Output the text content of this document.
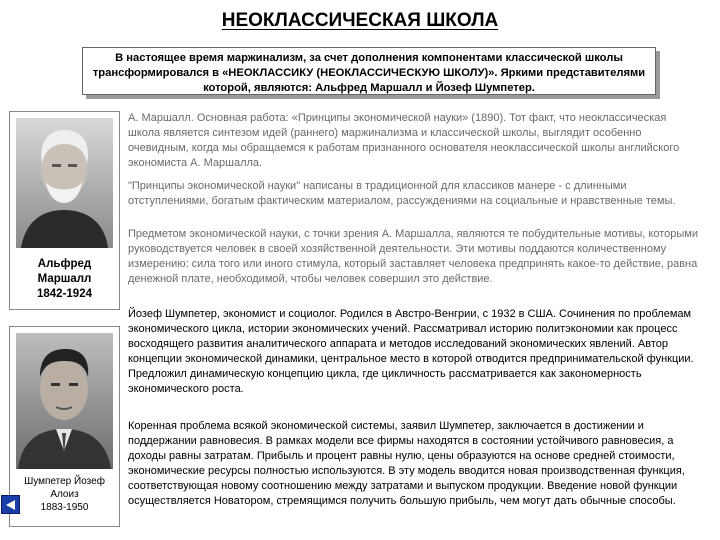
НЕОКЛАССИЧЕСКАЯ ШКОЛА
В настоящее время маржинализм, за счет дополнения компонентами классической школы трансформировался в «НЕОКЛАССИКУ (НЕОКЛАССИЧЕСКУЮ ШКОЛУ)». Яркими представителями которой, являются: Альфред Маршалл и Йозеф Шумпетер.
Альфред
Маршалл
1842-1924
А. Маршалл. Основная работа: «Принципы экономической науки» (1890). Тот факт, что неоклассическая школа является синтезом идей (раннего) маржинализма и классической школы, выглядит особенно очевидным, когда мы обращаемся к работам признанного основателя неоклассической школы английского экономиста А. Маршалла.
"Принципы экономической науки" написаны в традиционной для классиков манере - с длинными отступлениями, богатым фактическим материалом, рассуждениями на социальные и нравственные темы.
Предметом экономической науки, с точки зрения А. Маршалла, являются те побудительные мотивы, которыми руководствуется человек в своей хозяйственной деятельности. Эти мотивы поддаются количественному измерению: сила того или иного стимула, который заставляет человека предпринять какое-то действие, равна денежной плате, необходимой, чтобы человек совершил это действие.
Шумпетер Йозеф
Алоиз
1883-1950
Йозеф Шумпетер, экономист и социолог. Родился в Австро-Венгрии, с 1932 в США. Сочинения по проблемам экономического цикла, истории экономических учений. Рассматривал историю политэкономии как процесс восходящего развития аналитического аппарата и методов исследований экономических явлений. Автор концепции экономической динамики, центральное место в которой отводится предпринимательской функции. Предложил динамическую концепцию цикла, где цикличность рассматривается как закономерность экономического роста.
Коренная проблема всякой экономической системы, заявил Шумпетер, заключается в достижении и поддержании равновесия. В рамках модели все фирмы находятся в состоянии устойчивого равновесия, а доходы равны затратам. Прибыль и процент равны нулю, цены образуются на основе средней стоимости, экономические ресурсы полностью используются. В эту модель вводится новая производственная функция, соответствующая новому соотношению между затратами и выпуском продукции. Введение новой функции осуществляется Новатором, стремящимся получить большую прибыль, чем могут дать обычные способы.
